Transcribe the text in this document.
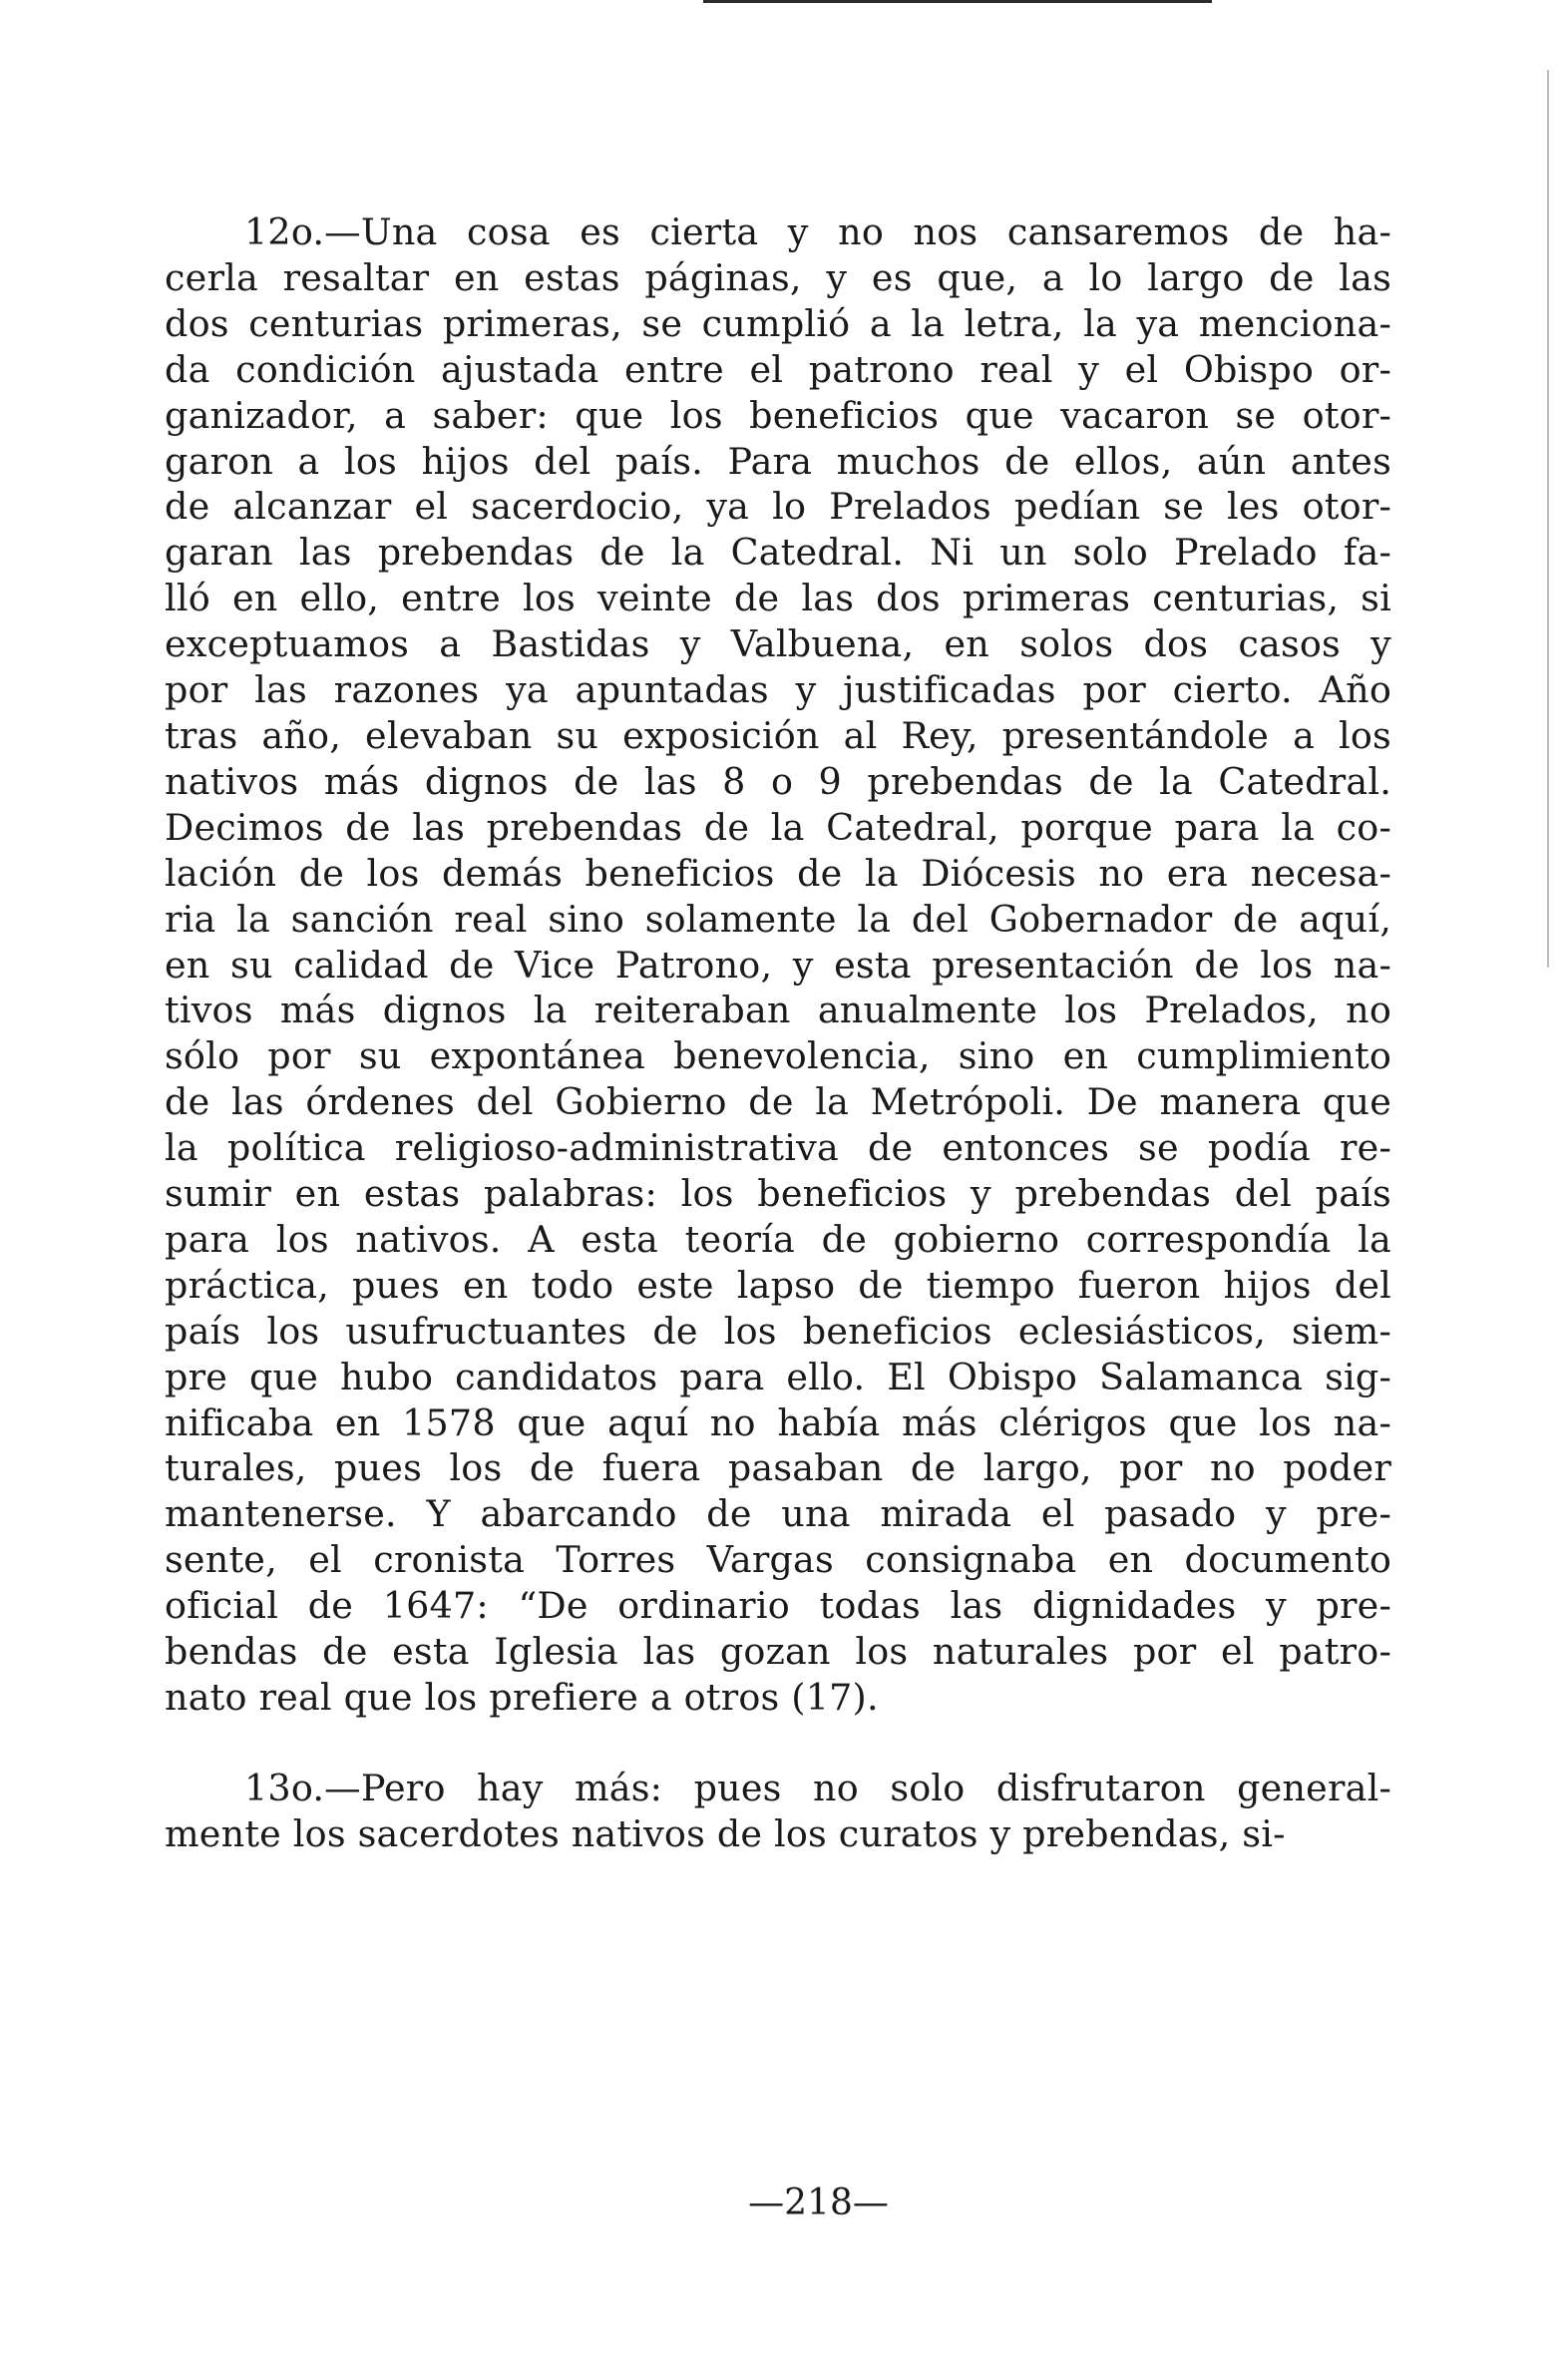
12o.—Una cosa es cierta y no nos cansaremos de ha-
cerla resaltar en estas páginas, y es que, a lo largo de las
dos centurias primeras, se cumplió a la letra, la ya menciona-
da condición ajustada entre el patrono real y el Obispo or-
ganizador, a saber: que los beneficios que vacaron se otor-
garon a los hijos del país. Para muchos de ellos, aún antes
de alcanzar el sacerdocio, ya lo Prelados pedían se les otor-
garan las prebendas de la Catedral. Ni un solo Prelado fa-
lló en ello, entre los veinte de las dos primeras centurias, si
exceptuamos a Bastidas y Valbuena, en solos dos casos y
por las razones ya apuntadas y justificadas por cierto. Año
tras año, elevaban su exposición al Rey, presentándole a los
nativos más dignos de las 8 o 9 prebendas de la Catedral.
Decimos de las prebendas de la Catedral, porque para la co-
lación de los demás beneficios de la Diócesis no era necesa-
ria la sanción real sino solamente la del Gobernador de aquí,
en su calidad de Vice Patrono, y esta presentación de los na-
tivos más dignos la reiteraban anualmente los Prelados, no
sólo por su expontánea benevolencia, sino en cumplimiento
de las órdenes del Gobierno de la Metrópoli. De manera que
la política religioso-administrativa de entonces se podía re-
sumir en estas palabras: los beneficios y prebendas del país
para los nativos. A esta teoría de gobierno correspondía la
práctica, pues en todo este lapso de tiempo fueron hijos del
país los usufructuantes de los beneficios eclesiásticos, siem-
pre que hubo candidatos para ello. El Obispo Salamanca sig-
nificaba en 1578 que aquí no había más clérigos que los na-
turales, pues los de fuera pasaban de largo, por no poder
mantenerse. Y abarcando de una mirada el pasado y pre-
sente, el cronista Torres Vargas consignaba en documento
oficial de 1647: “De ordinario todas las dignidades y pre-
bendas de esta Iglesia las gozan los naturales por el patro-
nato real que los prefiere a otros (17).
13o.—Pero hay más: pues no solo disfrutaron general-
mente los sacerdotes nativos de los curatos y prebendas, si-
—218—
